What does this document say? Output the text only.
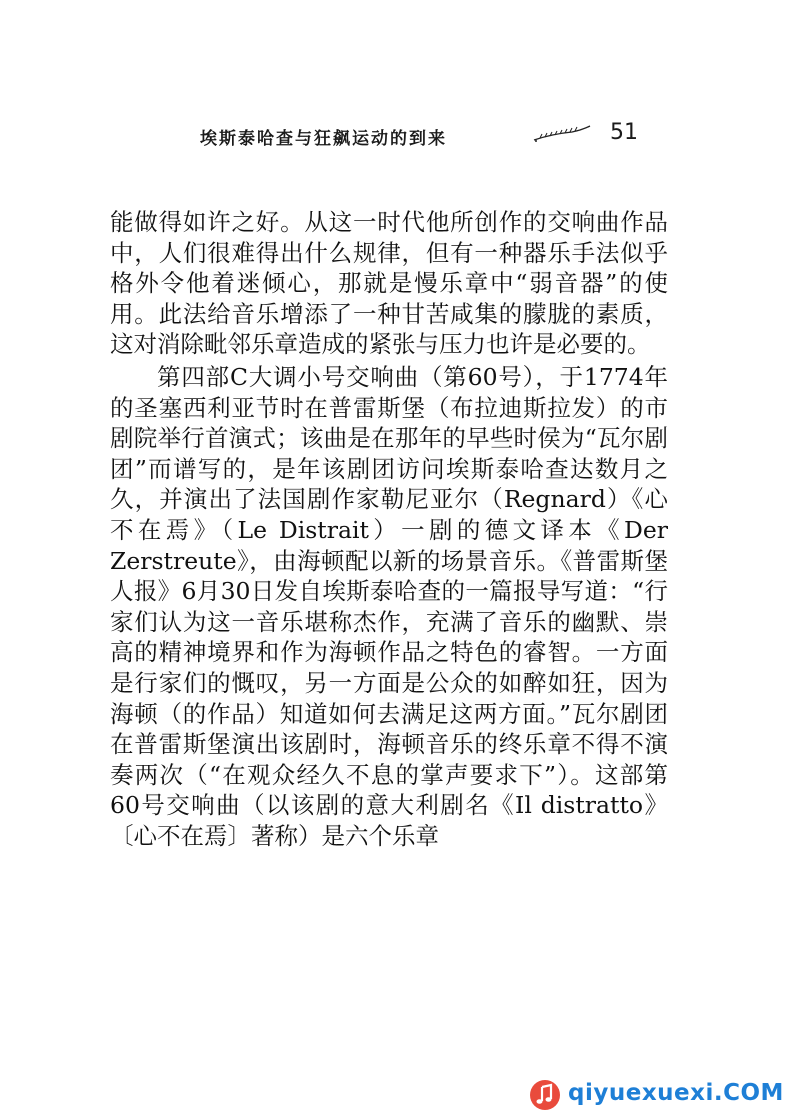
埃斯泰哈查与狂飙运动的到来	51

能做得如许之好。从这一时代他所创作的交响曲作品中，人们很难得出什么规律，但有一种器乐手法似乎格外令他着迷倾心，那就是慢乐章中“弱音器”的使用。此法给音乐增添了一种甘苦咸集的朦胧的素质，这对消除毗邻乐章造成的紧张与压力也许是必要的。

第四部C大调小号交响曲（第60号），于1774年的圣塞西利亚节时在普雷斯堡（布拉迪斯拉发）的市剧院举行首演式；该曲是在那年的早些时侯为“瓦尔剧团”而谱写的，是年该剧团访问埃斯泰哈查达数月之久，并演出了法国剧作家勒尼亚尔（Regnard）《心不在焉》（Le Distrait）一剧的德文译本《Der Zerstreute》，由海顿配以新的场景音乐。《普雷斯堡人报》6月30日发自埃斯泰哈查的一篇报导写道：“行家们认为这一音乐堪称杰作，充满了音乐的幽默、崇高的精神境界和作为海顿作品之特色的睿智。一方面是行家们的慨叹，另一方面是公众的如醉如狂，因为海顿（的作品）知道如何去满足这两方面。”瓦尔剧团在普雷斯堡演出该剧时，海顿音乐的终乐章不得不演奏两次（“在观众经久不息的掌声要求下”）。这部第60号交响曲（以该剧的意大利剧名《Il distratto》〔心不在焉〕著称）是六个乐章

qiyuexuexi.COM
